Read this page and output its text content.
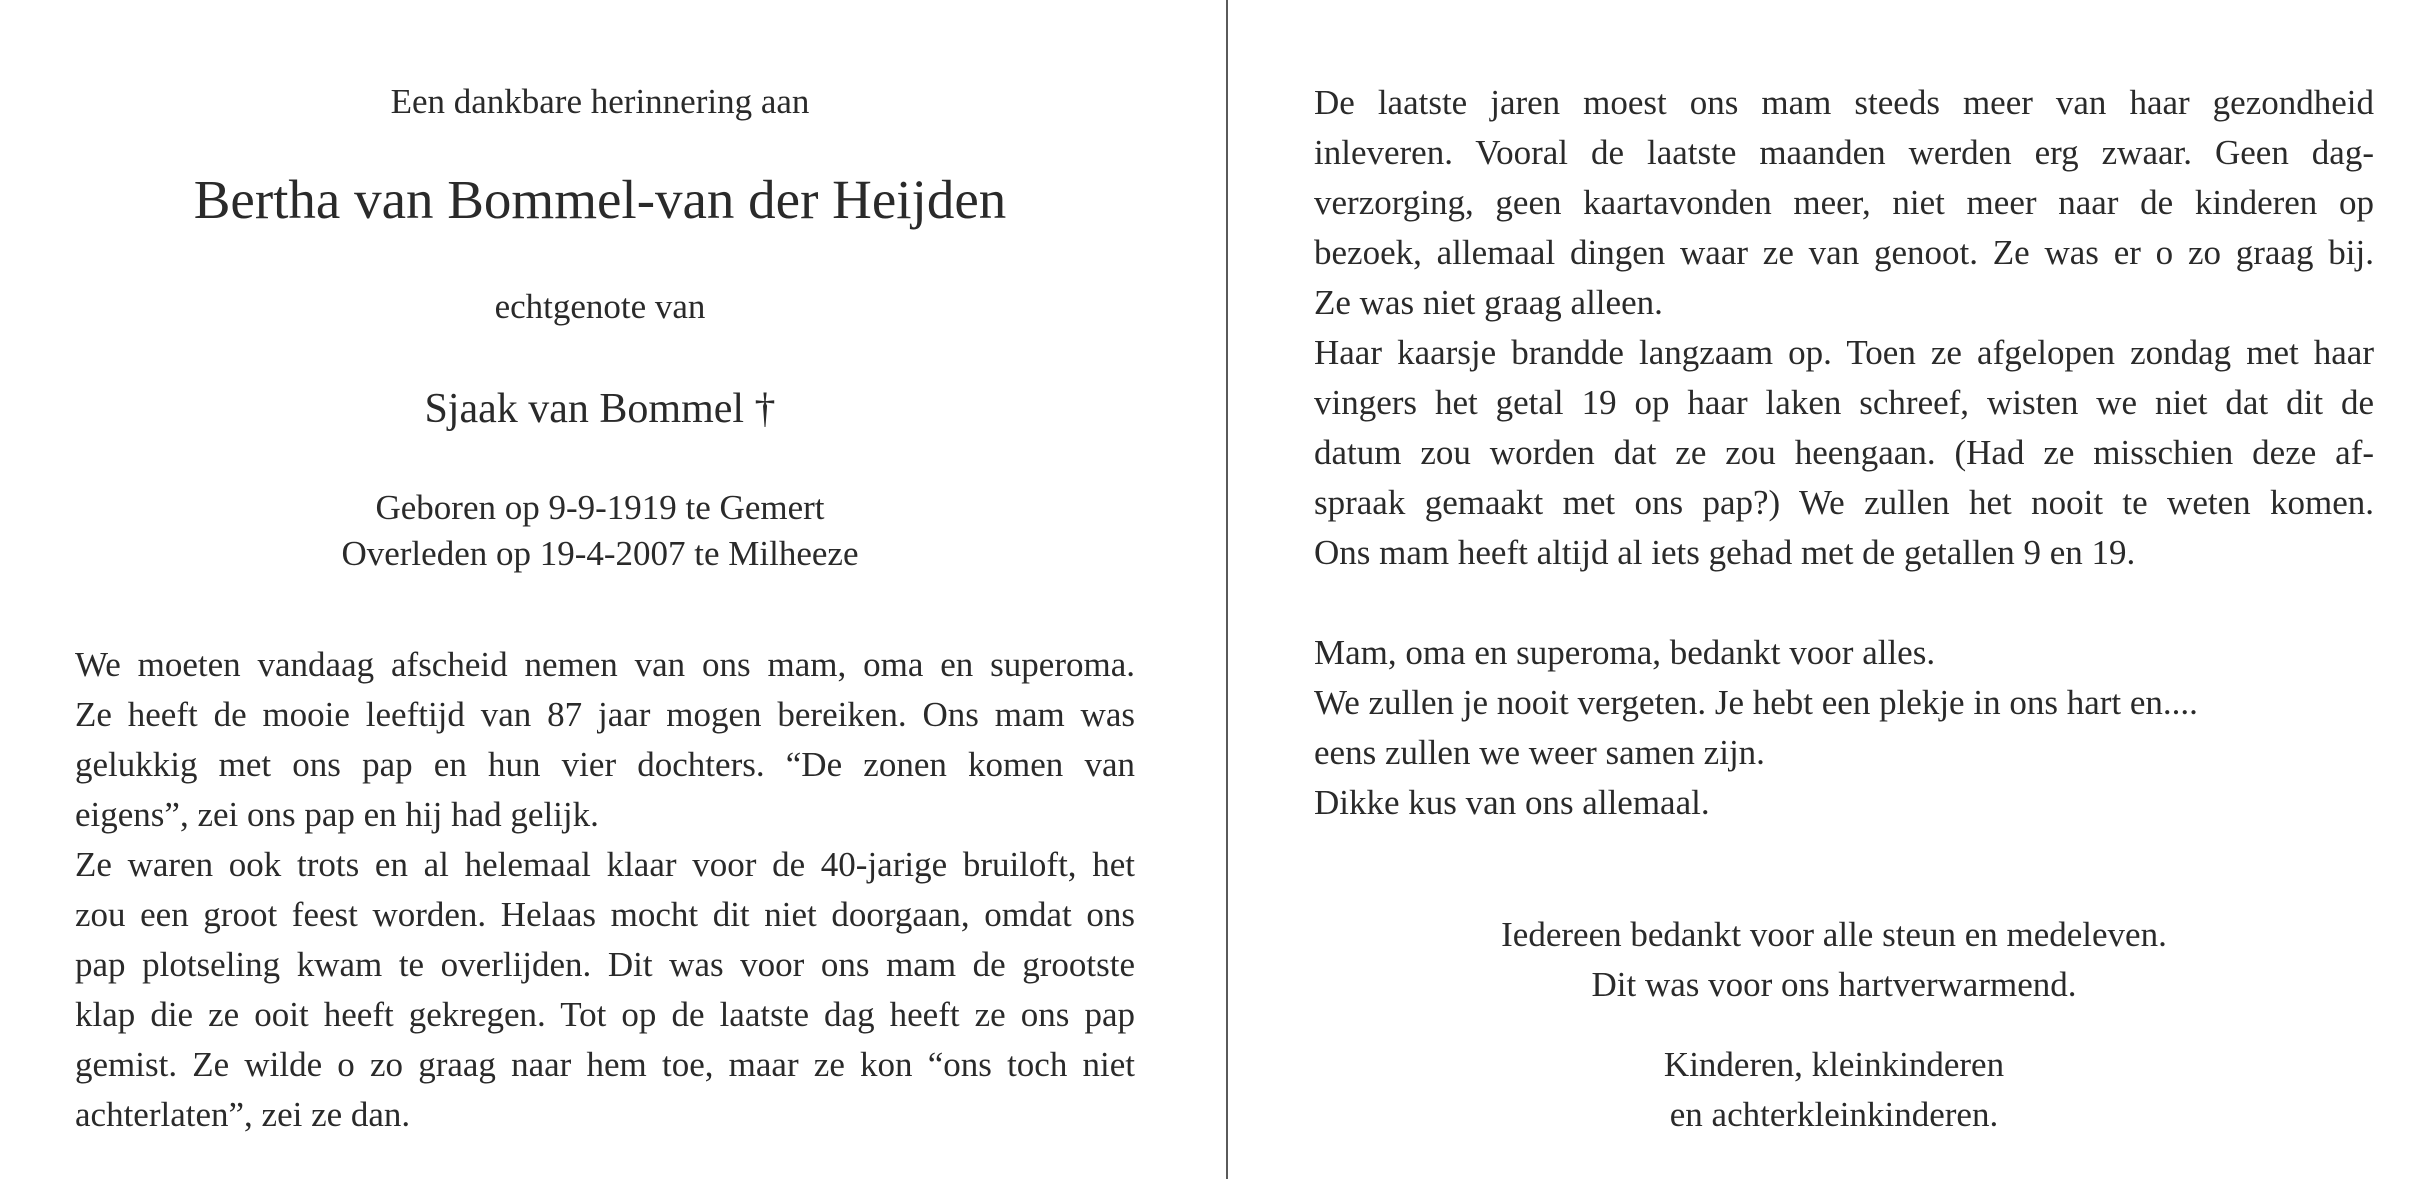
Een dankbare herinnering aan
Bertha van Bommel-van der Heijden
echtgenote van
Sjaak van Bommel †
Geboren op 9-9-1919 te Gemert
Overleden op 19-4-2007 te Milheeze
We moeten vandaag afscheid nemen van ons mam, oma en superoma.
Ze heeft de mooie leeftijd van 87 jaar mogen bereiken. Ons mam was
gelukkig met ons pap en hun vier dochters. “De zonen komen van
eigens”, zei ons pap en hij had gelijk.
Ze waren ook trots en al helemaal klaar voor de 40-jarige bruiloft, het
zou een groot feest worden. Helaas mocht dit niet doorgaan, omdat ons
pap plotseling kwam te overlijden. Dit was voor ons mam de grootste
klap die ze ooit heeft gekregen. Tot op de laatste dag heeft ze ons pap
gemist. Ze wilde o zo graag naar hem toe, maar ze kon “ons toch niet
achterlaten”, zei ze dan.
De laatste jaren moest ons mam steeds meer van haar gezondheid
inleveren. Vooral de laatste maanden werden erg zwaar. Geen dag-
verzorging, geen kaartavonden meer, niet meer naar de kinderen op
bezoek, allemaal dingen waar ze van genoot. Ze was er o zo graag bij.
Ze was niet graag alleen.
Haar kaarsje brandde langzaam op. Toen ze afgelopen zondag met haar
vingers het getal 19 op haar laken schreef, wisten we niet dat dit de
datum zou worden dat ze zou heengaan. (Had ze misschien deze af-
spraak gemaakt met ons pap?) We zullen het nooit te weten komen.
Ons mam heeft altijd al iets gehad met de getallen 9 en 19.
Mam, oma en superoma, bedankt voor alles.
We zullen je nooit vergeten. Je hebt een plekje in ons hart en....
eens zullen we weer samen zijn.
Dikke kus van ons allemaal.
Iedereen bedankt voor alle steun en medeleven.
Dit was voor ons hartverwarmend.
Kinderen, kleinkinderen
en achterkleinkinderen.
